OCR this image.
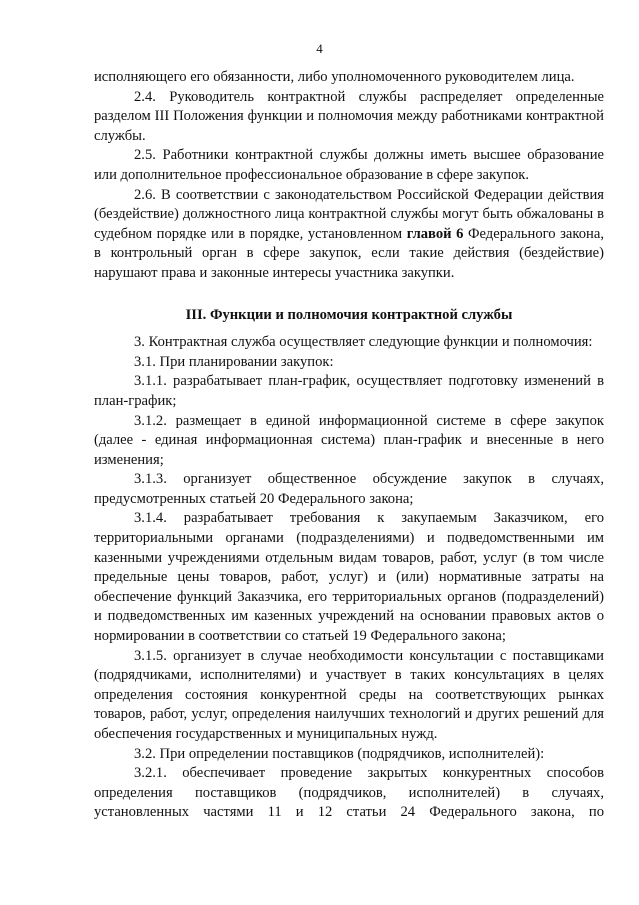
4

исполняющего его обязанности, либо уполномоченного руководителем лица.

2.4. Руководитель контрактной службы распределяет определенные разделом III Положения функции и полномочия между работниками контрактной службы.

2.5. Работники контрактной службы должны иметь высшее образование или дополнительное профессиональное образование в сфере закупок.

2.6. В соответствии с законодательством Российской Федерации действия (бездействие) должностного лица контрактной службы могут быть обжалованы в судебном порядке или в порядке, установленном главой 6 Федерального закона, в контрольный орган в сфере закупок, если такие действия (бездействие) нарушают права и законные интересы участника закупки.

III. Функции и полномочия контрактной службы

3. Контрактная служба осуществляет следующие функции и полномочия:

3.1. При планировании закупок:

3.1.1. разрабатывает план-график, осуществляет подготовку изменений в план-график;

3.1.2. размещает в единой информационной системе в сфере закупок (далее - единая информационная система) план-график и внесенные в него изменения;

3.1.3. организует общественное обсуждение закупок в случаях, предусмотренных статьей 20 Федерального закона;

3.1.4. разрабатывает требования к закупаемым Заказчиком, его территориальными органами (подразделениями) и подведомственными им казенными учреждениями отдельным видам товаров, работ, услуг (в том числе предельные цены товаров, работ, услуг) и (или) нормативные затраты на обеспечение функций Заказчика, его территориальных органов (подразделений) и подведомственных им казенных учреждений на основании правовых актов о нормировании в соответствии со статьей 19 Федерального закона;

3.1.5. организует в случае необходимости консультации с поставщиками (подрядчиками, исполнителями) и участвует в таких консультациях в целях определения состояния конкурентной среды на соответствующих рынках товаров, работ, услуг, определения наилучших технологий и других решений для обеспечения государственных и муниципальных нужд.

3.2. При определении поставщиков (подрядчиков, исполнителей):

3.2.1. обеспечивает проведение закрытых конкурентных способов определения поставщиков (подрядчиков, исполнителей) в случаях, установленных частями 11 и 12 статьи 24 Федерального закона, по
